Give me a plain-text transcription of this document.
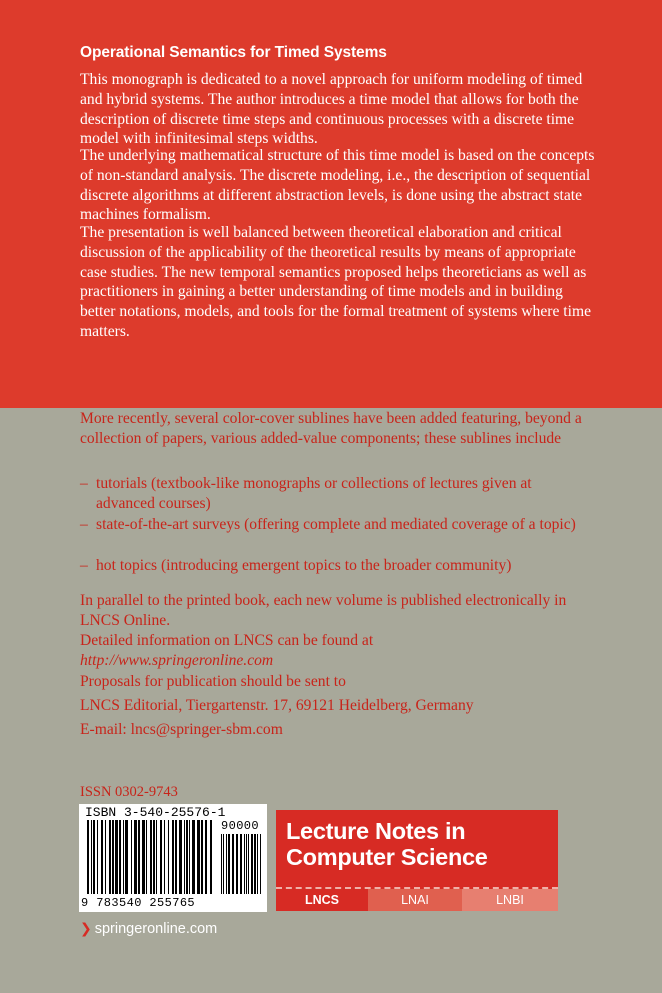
Operational Semantics for Timed Systems

This monograph is dedicated to a novel approach for uniform modeling of timed and hybrid systems. The author introduces a time model that allows for both the description of discrete time steps and continuous processes with a discrete time model with infinitesimal steps widths.

The underlying mathematical structure of this time model is based on the concepts of non-standard analysis. The discrete modeling, i.e., the description of sequential discrete algorithms at different abstraction levels, is done using the abstract state machines formalism.

The presentation is well balanced between theoretical elaboration and critical discussion of the applicability of the theoretical results by means of appropriate case studies. The new temporal semantics proposed helps theoreticians as well as practitioners in gaining a better understanding of time models and in building better notations, models, and tools for the formal treatment of systems where time matters.

More recently, several color-cover sublines have been added featuring, beyond a collection of papers, various added-value components; these sublines include

– tutorials (textbook-like monographs or collections of lectures given at advanced courses)
– state-of-the-art surveys (offering complete and mediated coverage of a topic)
– hot topics (introducing emergent topics to the broader community)

In parallel to the printed book, each new volume is published electronically in LNCS Online.

Detailed information on LNCS can be found at
http://www.springeronline.com

Proposals for publication should be sent to

LNCS Editorial, Tiergartenstr. 17, 69121 Heidelberg, Germany

E-mail: lncs@springer-sbm.com

ISSN 0302-9743
ISBN 3-540-25576-1
9 783540 255765
90000 Lecture Notes in
Computer Science
LNCS	LNAI	LNBI
❯ springeronline.com
